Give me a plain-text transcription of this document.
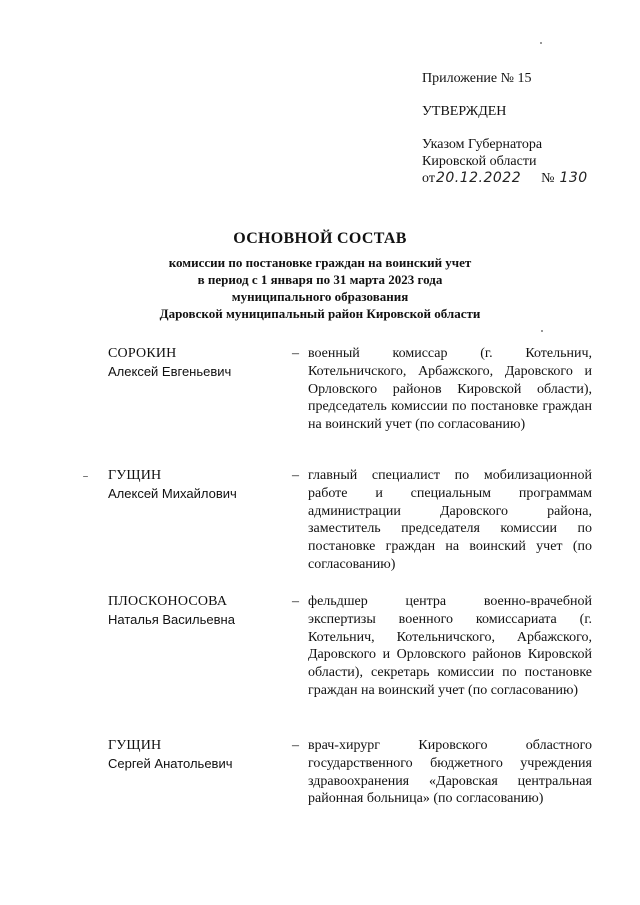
Приложение № 15
УТВЕРЖДЕН
Указом Губернатора
Кировской области
от20.12.2022 № 130
ОСНОВНОЙ СОСТАВ
комиссии по постановке граждан на воинский учет
в период с 1 января по 31 марта 2023 года
муниципального образования
Даровской муниципальный район Кировской области
СОРОКИН
Алексей Евгеньевич
– военный комиссар (г. Котельнич, Котельничского, Арбажского, Даровского и Орловского районов Кировской области), председатель комиссии по постановке граждан на воинский учет (по согласованию)
ГУЩИН
Алексей Михайлович
– главный специалист по мобилизационной работе и специальным программам администрации Даровского района, заместитель председателя комиссии по постановке граждан на воинский учет (по согласованию)
ПЛОСКОНОСОВА
Наталья Васильевна
– фельдшер центра военно-врачебной экспертизы военного комиссариата (г. Котельнич, Котельничского, Арбажского, Даровского и Орловского районов Кировской области), секретарь комиссии по постановке граждан на воинский учет (по согласованию)
ГУЩИН
Сергей Анатольевич
– врач-хирург Кировского областного государственного бюджетного учреждения здравоохранения «Даровская центральная районная больница» (по согласованию)
